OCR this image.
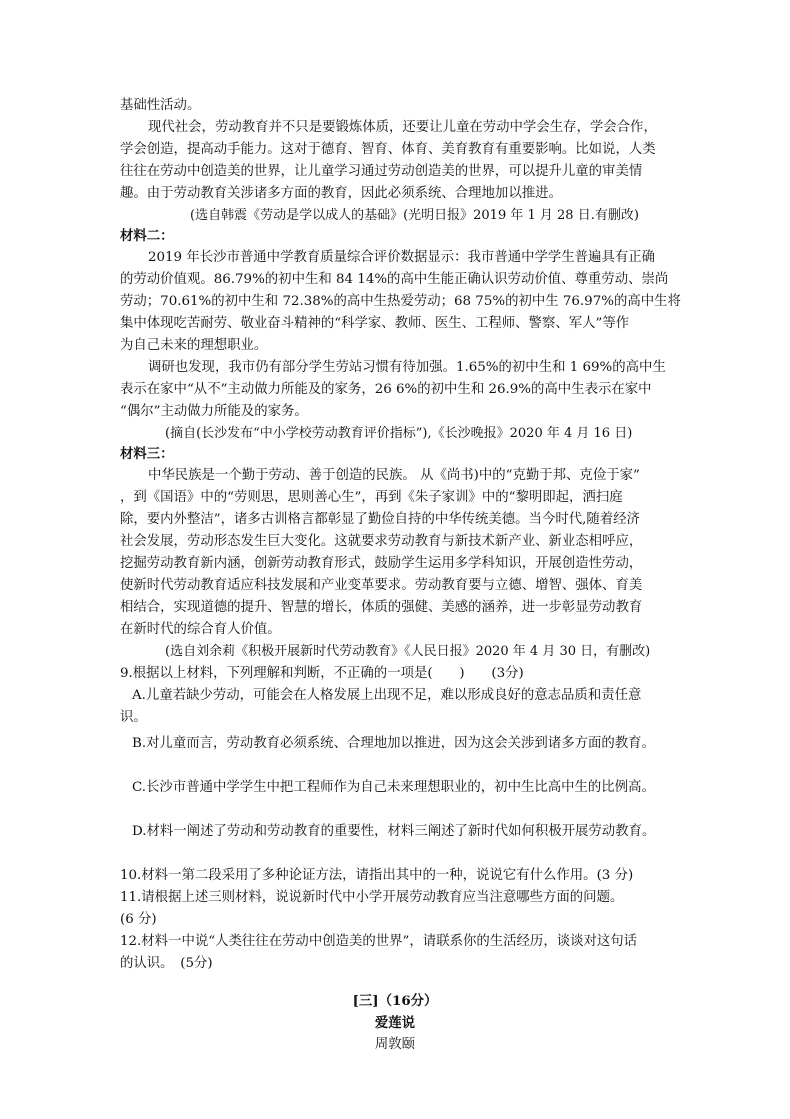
基础性活动。
现代社会，劳动教育并不只是要锻炼体质，还要让儿童在劳动中学会生存，学会合作，
学会创造，提高动手能力。这对于德育、智育、体育、美育教育有重要影响。比如说，人类
往往在劳动中创造美的世界，让儿童学习通过劳动创造美的世界，可以提升儿童的审美情
趣。由于劳动教育关涉诸多方面的教育，因此必须系统、合理地加以推进。
(选自韩震《劳动是学以成人的基础》(光明日报》2019 年 1 月 28 日.有删改)
材料二：
2019 年长沙市普通中学教育质量综合评价数据显示：我市普通中学学生普遍具有正确
的劳动价值观。86.79%的初中生和 84 14%的高中生能正确认识劳动价值、尊重劳动、崇尚
劳动；70.61%的初中生和 72.38%的高中生热爱劳动；68 75%的初中生 76.97%的高中生将
集中体现吃苦耐劳、敬业奋斗精神的“科学家、教师、医生、工程师、警察、军人”等作
为自己未来的理想职业。
调研也发现，我市仍有部分学生劳站习惯有待加强。1.65%的初中生和 1 69%的高中生
表示在家中“从不”主动做力所能及的家务，26 6%的初中生和 26.9%的高中生表示在家中
“偶尔”主动做力所能及的家务。
(摘自(长沙发布“中小学校劳动教育评价指标”),《长沙晚报》2020 年 4 月 16 日)
材料三：
中华民族是一个勤于劳动、善于创造的民族。 从《尚书)中的“克勤于邦、克俭于家”
，到《国语》中的“劳则思，思则善心生”，再到《朱子家训》中的“黎明即起，洒扫庭
除，要内外整洁”，诸多古训格言都彰显了勤俭自持的中华传统美德。当今时代,随着经济
社会发展，劳动形态发生巨大变化。这就要求劳动教育与新技术新产业、新业态相呼应，
挖掘劳动教育新内涵，创新劳动教育形式，鼓励学生运用多学科知识，开展创造性劳动，
使新时代劳动教育适应科技发展和产业变革要求。劳动教育要与立德、增智、强体、育美
相结合，实现道德的提升、智慧的增长，体质的强健、美感的涵养，进一步彰显劳动教育
在新时代的综合育人价值。
(选自刘余莉《积极开展新时代劳动教育》《人民日报》2020 年 4 月 30 日，有删改)
9.根据以上材料，下列理解和判断，不正确的一项是(　　)　　(3分)
A.儿童若缺少劳动，可能会在人格发展上出现不足，难以形成良好的意志品质和责任意
识。
B.对儿童而言，劳动教育必须系统、合理地加以推进，因为这会关涉到诸多方面的教育。
C.长沙市普通中学学生中把工程师作为自己未来理想职业的，初中生比高中生的比例高。
D.材料一阐述了劳动和劳动教育的重要性，材料三阐述了新时代如何积极开展劳动教育。
10.材料一第二段采用了多种论证方法，请指出其中的一种，说说它有什么作用。(3 分)
11.请根据上述三则材料，说说新时代中小学开展劳动教育应当注意哪些方面的问题。
(6 分)
12.材料一中说“人类往往在劳动中创造美的世界”，请联系你的生活经历，谈谈对这句话
的认识。　(5分)
[三]（16分）
爱莲说
周敦颐
